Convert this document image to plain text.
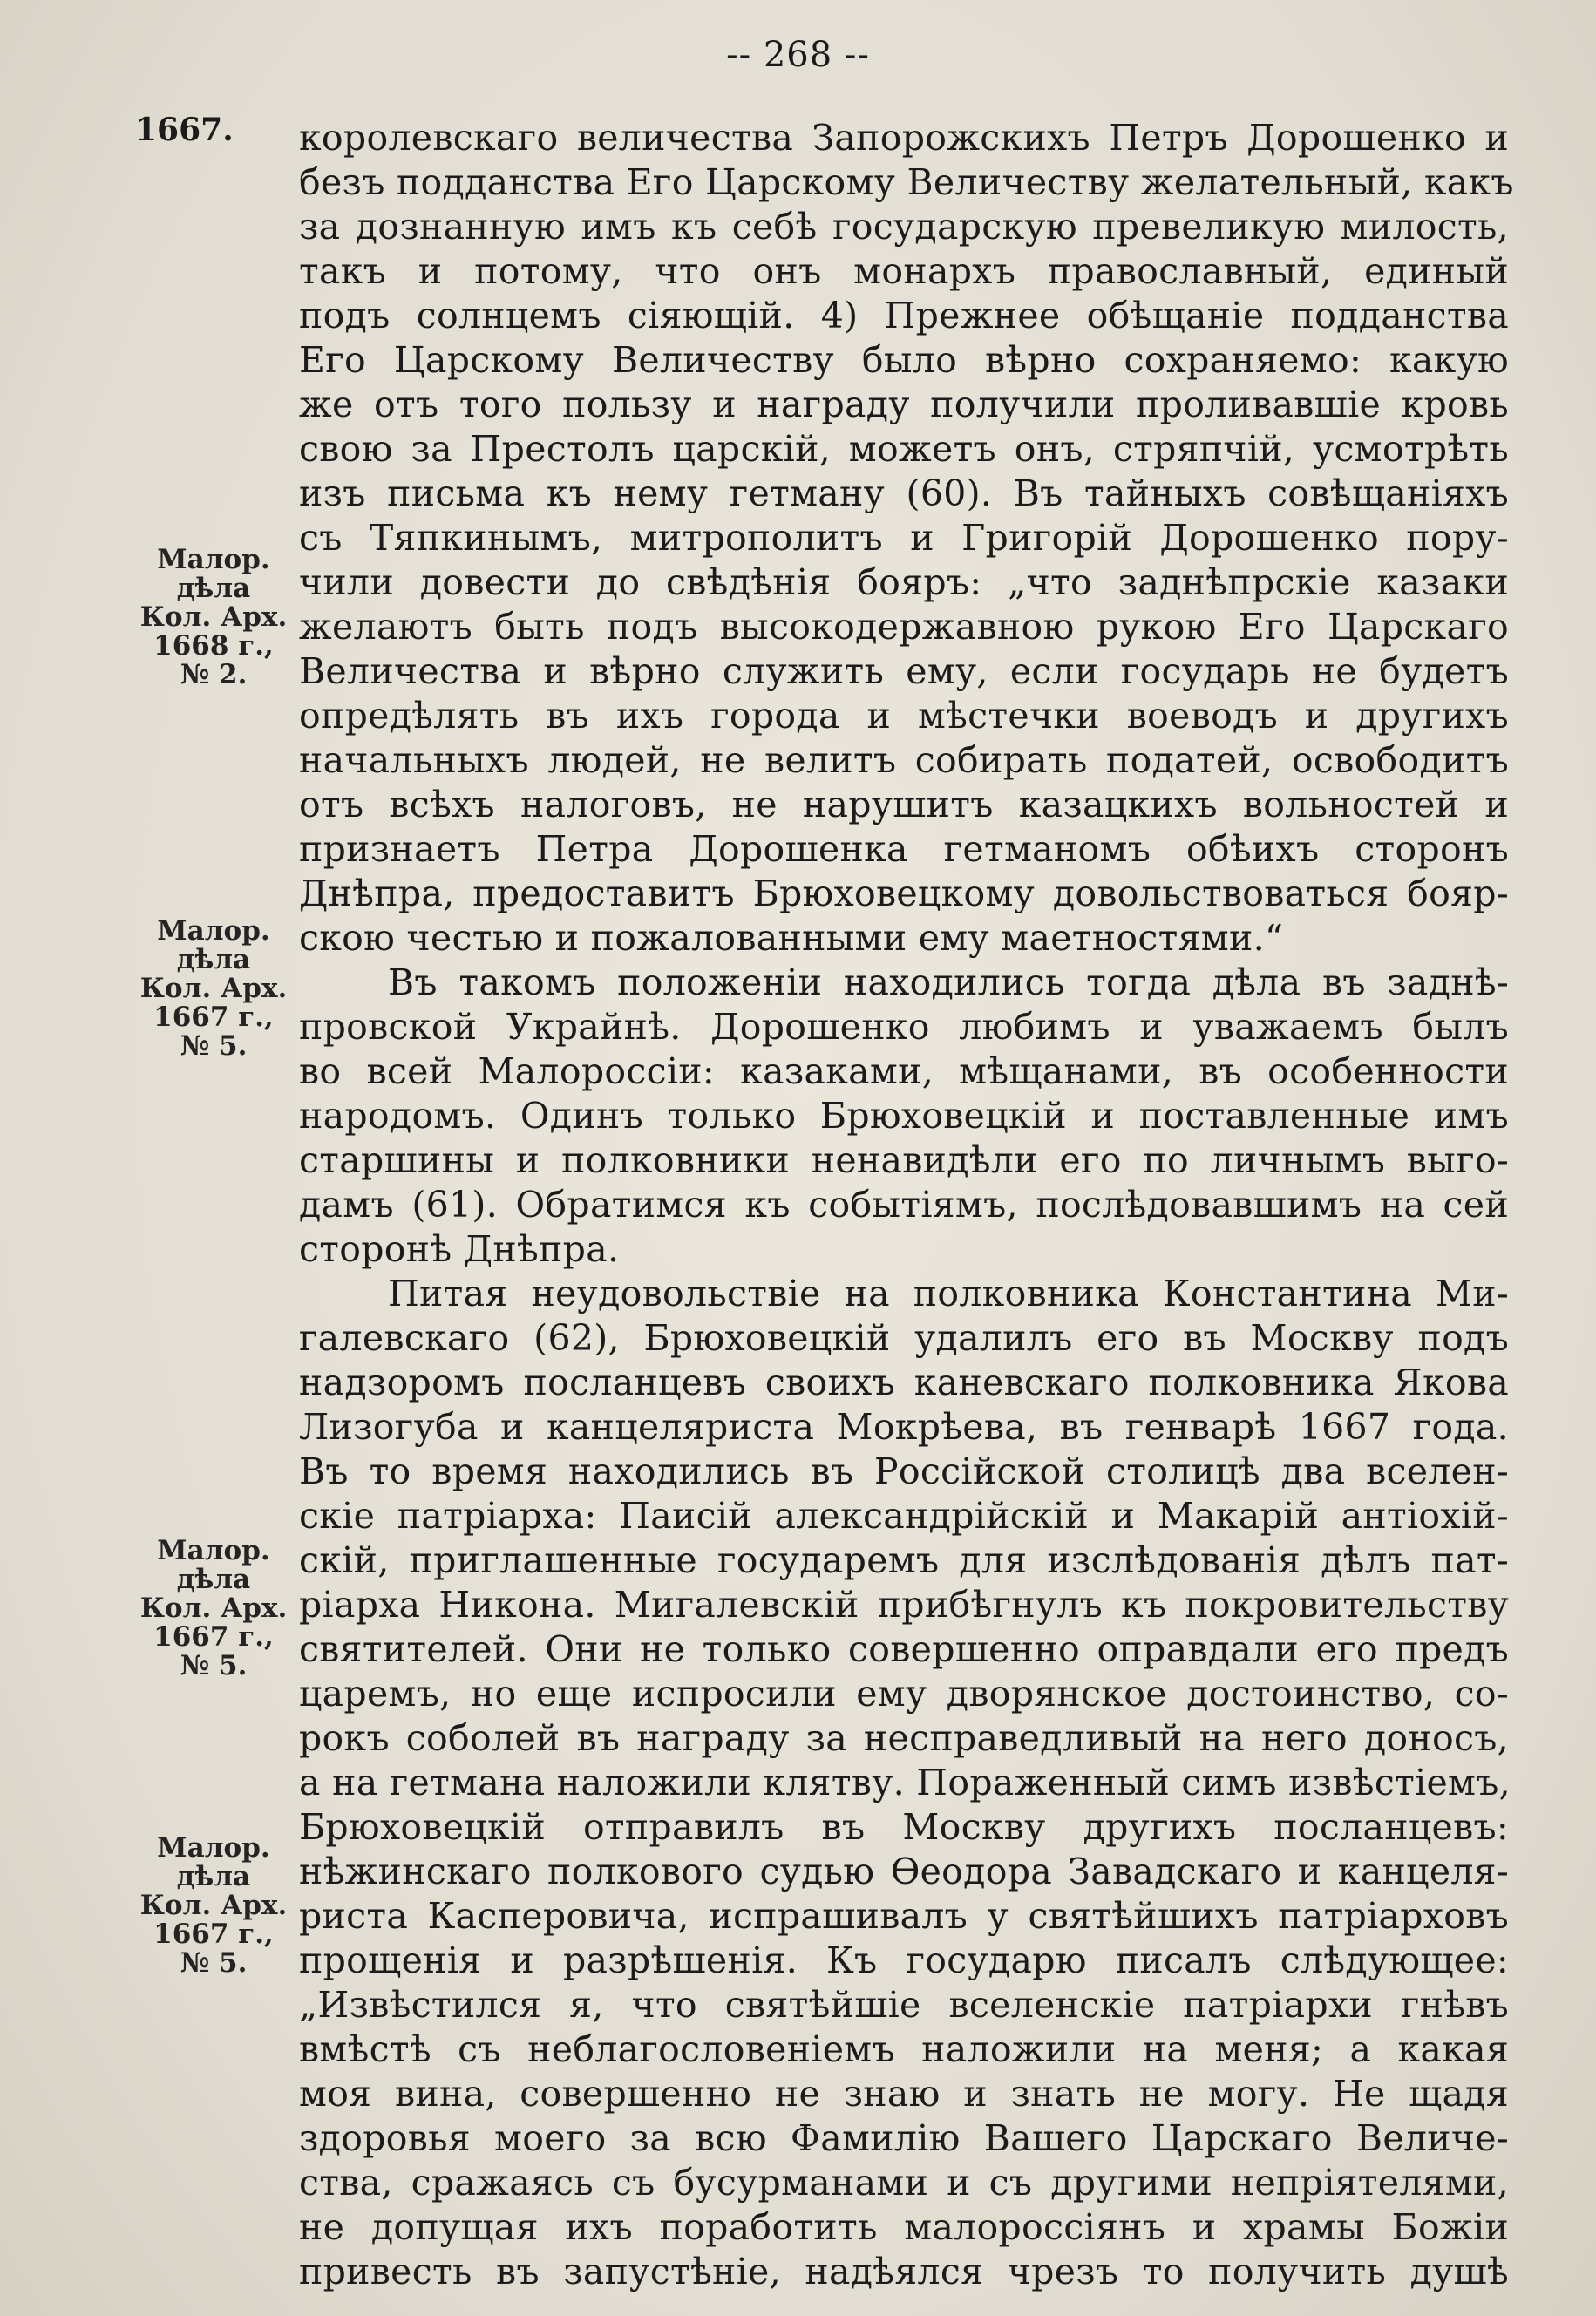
-- 268 --
1667.
Малор.
дѣла
Кол. Арх.
1668 г.,
№ 2.
Малор.
дѣла
Кол. Арх.
1667 г.,
№ 5.
Малор.
дѣла
Кол. Арх.
1667 г.,
№ 5.
Малор.
дѣла
Кол. Арх.
1667 г.,
№ 5.
королевскаго величества Запорожскихъ Петръ Дорошенко и
безъ подданства Его Царскому Величеству желательный, какъ
за дознанную имъ къ себѣ государскую превеликую милость,
такъ и потому, что онъ монархъ православный, единый
подъ солнцемъ сіяющій. 4) Прежнее обѣщаніе подданства
Его Царскому Величеству было вѣрно сохраняемо: какую
же отъ того пользу и награду получили проливавшіе кровь
свою за Престолъ царскій, можетъ онъ, стряпчій, усмотрѣть
изъ письма къ нему гетману (60). Въ тайныхъ совѣщаніяхъ
съ Тяпкинымъ, митрополитъ и Григорій Дорошенко пору-
чили довести до свѣдѣнія бояръ: „что заднѣпрскіе казаки
желаютъ быть подъ высокодержавною рукою Его Царскаго
Величества и вѣрно служить ему, если государь не будетъ
опредѣлять въ ихъ города и мѣстечки воеводъ и другихъ
начальныхъ людей, не велитъ собирать податей, освободитъ
отъ всѣхъ налоговъ, не нарушитъ казацкихъ вольностей и
признаетъ Петра Дорошенка гетманомъ обѣихъ сторонъ
Днѣпра, предоставитъ Брюховецкому довольствоваться бояр-
скою честью и пожалованными ему маетностями.“
Въ такомъ положеніи находились тогда дѣла въ заднѣ-
провской Украйнѣ. Дорошенко любимъ и уважаемъ былъ
во всей Малороссіи: казаками, мѣщанами, въ особенности
народомъ. Одинъ только Брюховецкій и поставленные имъ
старшины и полковники ненавидѣли его по личнымъ выго-
дамъ (61). Обратимся къ событіямъ, послѣдовавшимъ на сей
сторонѣ Днѣпра.
Питая неудовольствіе на полковника Константина Ми-
галевскаго (62), Брюховецкій удалилъ его въ Москву подъ
надзоромъ посланцевъ своихъ каневскаго полковника Якова
Лизогуба и канцеляриста Мокрѣева, въ генварѣ 1667 года.
Въ то время находились въ Россійской столицѣ два вселен-
скіе патріарха: Паисій александрійскій и Макарій антіохій-
скій, приглашенные государемъ для изслѣдованія дѣлъ пат-
ріарха Никона. Мигалевскій прибѣгнулъ къ покровительству
святителей. Они не только совершенно оправдали его предъ
царемъ, но еще испросили ему дворянское достоинство, со-
рокъ соболей въ награду за несправедливый на него доносъ,
а на гетмана наложили клятву. Пораженный симъ извѣстіемъ,
Брюховецкій отправилъ въ Москву другихъ посланцевъ:
нѣжинскаго полкового судью Ѳеодора Завадскаго и канцеля-
риста Касперовича, испрашивалъ у святѣйшихъ патріарховъ
прощенія и разрѣшенія. Къ государю писалъ слѣдующее:
„Извѣстился я, что святѣйшіе вселенскіе патріархи гнѣвъ
вмѣстѣ съ неблагословеніемъ наложили на меня; а какая
моя вина, совершенно не знаю и знать не могу. Не щадя
здоровья моего за всю Фамилію Вашего Царскаго Величе-
ства, сражаясь съ бусурманами и съ другими непріятелями,
не допущая ихъ поработить малороссіянъ и храмы Божіи
привесть въ запустѣніе, надѣялся чрезъ то получить душѣ
